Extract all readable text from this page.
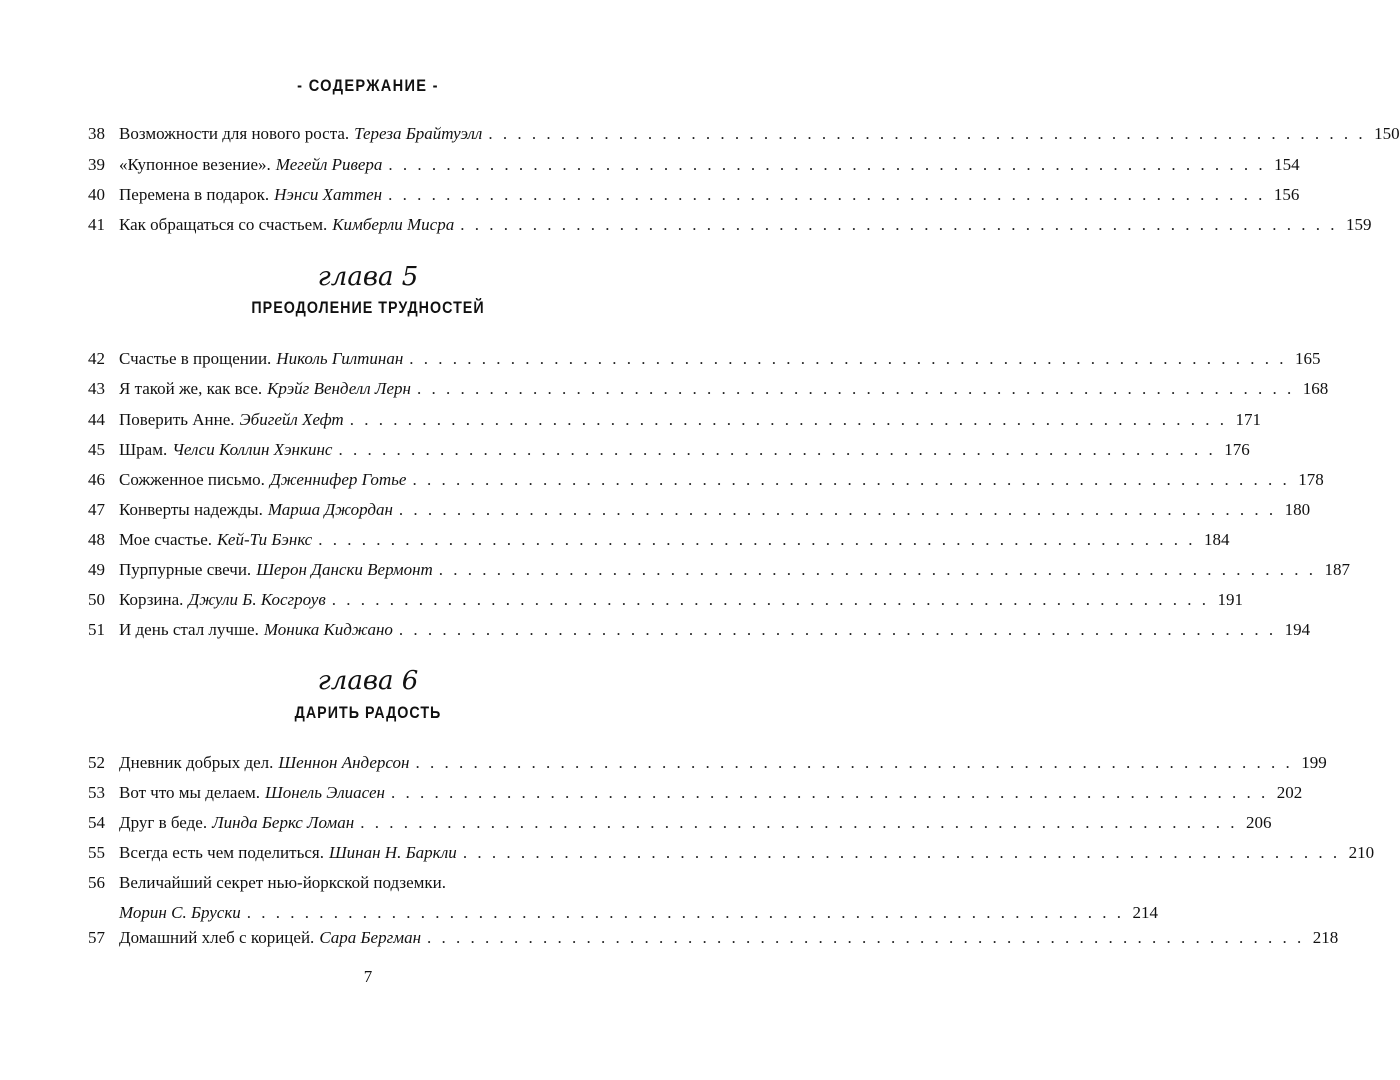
- СОДЕРЖАНИЕ -
38 Возможности для нового роста. Тереза Брайтуэлл . . . . . . . . . . . . . . . . . . . . . . . . . . . . . . . . . . . . . . . . . . . . . . . . . . . . . . . . . . . . . 150
39 «Купонное везение». Мегейл Ривера . . . . . . . . . . . . . . . . . . . . . . . . . . . . . . . . . . . . . . . . . . . . . . . . . . . . . . . . . . . . . 154
40 Перемена в подарок. Нэнси Хаттен . . . . . . . . . . . . . . . . . . . . . . . . . . . . . . . . . . . . . . . . . . . . . . . . . . . . . . . . . . . . . 156
41 Как обращаться со счастьем. Кимберли Мисра . . . . . . . . . . . . . . . . . . . . . . . . . . . . . . . . . . . . . . . . . . . . . . . . . . . . . . . . . . . . . 159
глава 5
ПРЕОДОЛЕНИЕ ТРУДНОСТЕЙ
42 Счастье в прощении. Николь Гилтинан . . . . . . . . . . . . . . . . . . . . . . . . . . . . . . . . . . . . . . . . . . . . . . . . . . . . . . . . . . . . . 165
43 Я такой же, как все. Крэйг Венделл Лерн . . . . . . . . . . . . . . . . . . . . . . . . . . . . . . . . . . . . . . . . . . . . . . . . . . . . . . . . . . . . . 168
44 Поверить Анне. Эбигейл Хефт . . . . . . . . . . . . . . . . . . . . . . . . . . . . . . . . . . . . . . . . . . . . . . . . . . . . . . . . . . . . . 171
45 Шрам. Челси Коллин Хэнкинс . . . . . . . . . . . . . . . . . . . . . . . . . . . . . . . . . . . . . . . . . . . . . . . . . . . . . . . . . . . . . 176
46 Сожженное письмо. Дженнифер Готье . . . . . . . . . . . . . . . . . . . . . . . . . . . . . . . . . . . . . . . . . . . . . . . . . . . . . . . . . . . . . 178
47 Конверты надежды. Марша Джордан . . . . . . . . . . . . . . . . . . . . . . . . . . . . . . . . . . . . . . . . . . . . . . . . . . . . . . . . . . . . . 180
48 Мое счастье. Кей-Ти Бэнкс . . . . . . . . . . . . . . . . . . . . . . . . . . . . . . . . . . . . . . . . . . . . . . . . . . . . . . . . . . . . . 184
49 Пурпурные свечи. Шерон Дански Вермонт . . . . . . . . . . . . . . . . . . . . . . . . . . . . . . . . . . . . . . . . . . . . . . . . . . . . . . . . . . . . . 187
50 Корзина. Джули Б. Косгроув . . . . . . . . . . . . . . . . . . . . . . . . . . . . . . . . . . . . . . . . . . . . . . . . . . . . . . . . . . . . . 191
51 И день стал лучше. Моника Киджано . . . . . . . . . . . . . . . . . . . . . . . . . . . . . . . . . . . . . . . . . . . . . . . . . . . . . . . . . . . . . 194
глава 6
ДАРИТЬ РАДОСТЬ
52 Дневник добрых дел. Шеннон Андерсон . . . . . . . . . . . . . . . . . . . . . . . . . . . . . . . . . . . . . . . . . . . . . . . . . . . . . . . . . . . . . 199
53 Вот что мы делаем. Шонель Элиасен . . . . . . . . . . . . . . . . . . . . . . . . . . . . . . . . . . . . . . . . . . . . . . . . . . . . . . . . . . . . . 202
54 Друг в беде. Линда Беркс Ломан . . . . . . . . . . . . . . . . . . . . . . . . . . . . . . . . . . . . . . . . . . . . . . . . . . . . . . . . . . . . . 206
55 Всегда есть чем поделиться. Шинан Н. Баркли . . . . . . . . . . . . . . . . . . . . . . . . . . . . . . . . . . . . . . . . . . . . . . . . . . . . . . . . . . . . . 210
56 Величайший секрет нью-йоркской подземки.
Морин С. Бруски . . . . . . . . . . . . . . . . . . . . . . . . . . . . . . . . . . . . . . . . . . . . . . . . . . . . . . . . . . . . . 214
57 Домашний хлеб с корицей. Сара Бергман . . . . . . . . . . . . . . . . . . . . . . . . . . . . . . . . . . . . . . . . . . . . . . . . . . . . . . . . . . . . . 218
7
